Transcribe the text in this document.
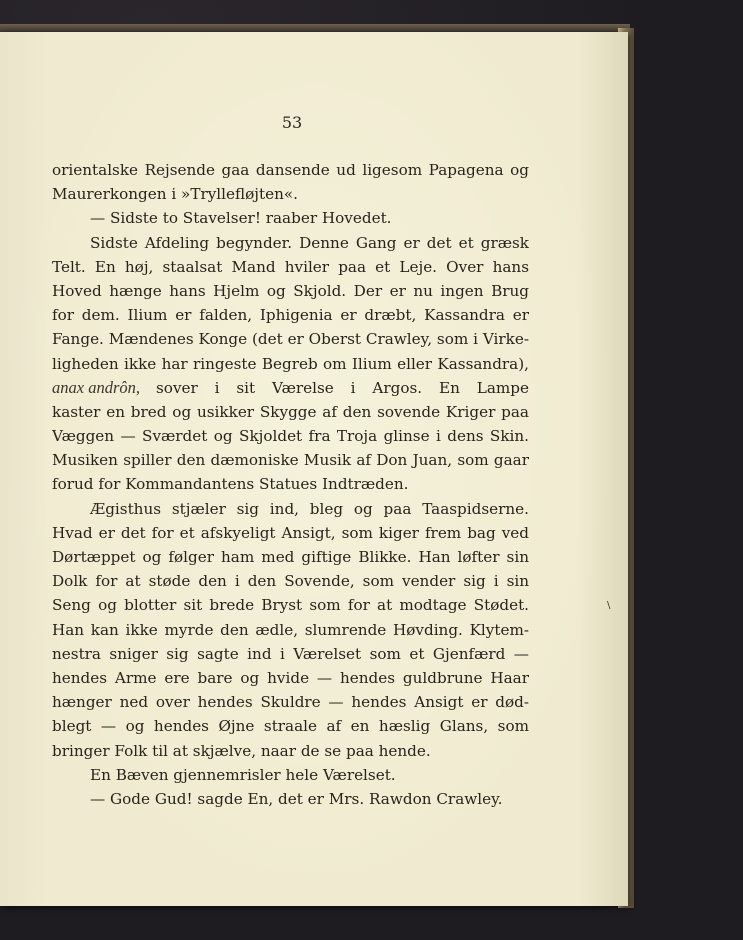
53
orientalske Rejsende gaa dansende ud ligesom Papagena og
Maurerkongen i »Tryllefløjten«.
— Sidste to Stavelser! raaber Hovedet.
Sidste Afdeling begynder. Denne Gang er det et græsk
Telt. En høj, staalsat Mand hviler paa et Leje. Over hans
Hoved hænge hans Hjelm og Skjold. Der er nu ingen Brug
for dem. Ilium er falden, Iphigenia er dræbt, Kassandra er
Fange. Mændenes Konge (det er Oberst Crawley, som i Virke-
ligheden ikke har ringeste Begreb om Ilium eller Kassandra),
anax andrôn,	sover i sit Værelse i Argos. En Lampe
kaster en bred og usikker Skygge af den sovende Kriger paa
Væggen — Sværdet og Skjoldet fra Troja glinse i dens Skin.
Musiken spiller den dæmoniske Musik af Don Juan, som gaar
forud for Kommandantens Statues Indtræden.
Ægisthus stjæler sig ind, bleg og paa Taaspidserne.
Hvad er det for et afskyeligt Ansigt, som kiger frem bag ved
Dørtæppet og følger ham med giftige Blikke. Han løfter sin
Dolk for at støde den i den Sovende, som vender sig i sin
Seng og blotter sit brede Bryst som for at modtage Stødet.
Han kan ikke myrde den ædle, slumrende Høvding. Klytem-
nestra sniger sig sagte ind i Værelset som et Gjenfærd —
hendes Arme ere bare og hvide — hendes guldbrune Haar
hænger ned over hendes Skuldre — hendes Ansigt er død-
blegt — og hendes Øjne straale af en hæslig Glans, som
bringer Folk til at skjælve, naar de se paa hende.
En Bæven gjennemrisler hele Værelset.
— Gode Gud! sagde En, det er Mrs. Rawdon Crawley.
\
